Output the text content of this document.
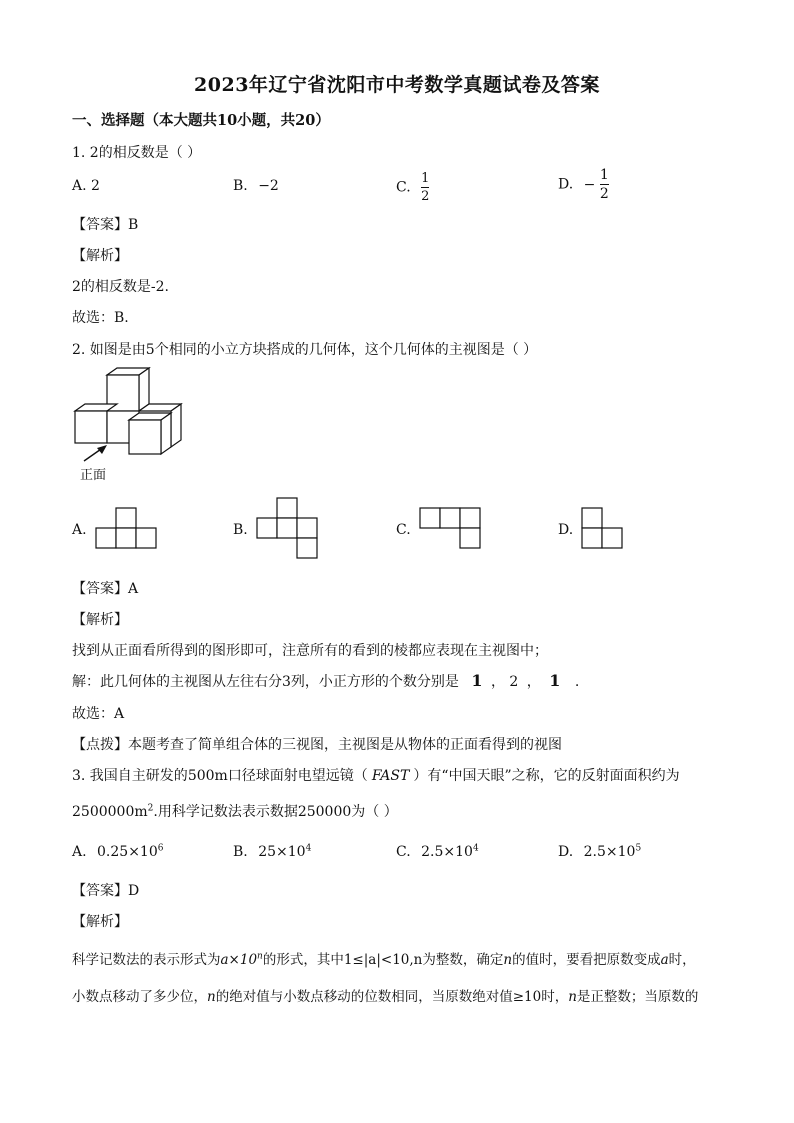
2023年辽宁省沈阳市中考数学真题试卷及答案
一、选择题（本大题共10小题，共20）
1. 2的相反数是（ ）
A. 2	B. −2	C. $\frac{1}{2}$	D. − $\frac{1}{2}$
【答案】B
【解析】
2的相反数是-2.
故选：B.
2. 如图是由5个相同的小立方块搭成的几何体，这个几何体的主视图是（ ）
正面
A.	B.	C.	D.
【答案】A
【解析】
找到从正面看所得到的图形即可，注意所有的看到的棱都应表现在主视图中；
解：此几何体的主视图从左往右分3列，小正方形的个数分别是 1 ， 2 ， 1 .
故选：A
【点拨】本题考查了简单组合体的三视图，主视图是从物体的正面看得到的视图
3. 我国自主研发的500m口径球面射电望远镜（ FAST ）有“中国天眼”之称，它的反射面面积约为
$2500000m^2$.用科学记数法表示数据250000为（ ）
A. $0.25\times 10^6$	B. $25\times 10^4$	C. $2.5\times 10^4$	D. $2.5\times 10^5$
【答案】D
【解析】
科学记数法的表示形式为$a\times 10^n$的形式，其中1≤|a|<10,n为整数，确定n的值时，要看把原数变成a时，
小数点移动了多少位，n的绝对值与小数点移动的位数相同，当原数绝对值≥10时，n是正整数；当原数的
